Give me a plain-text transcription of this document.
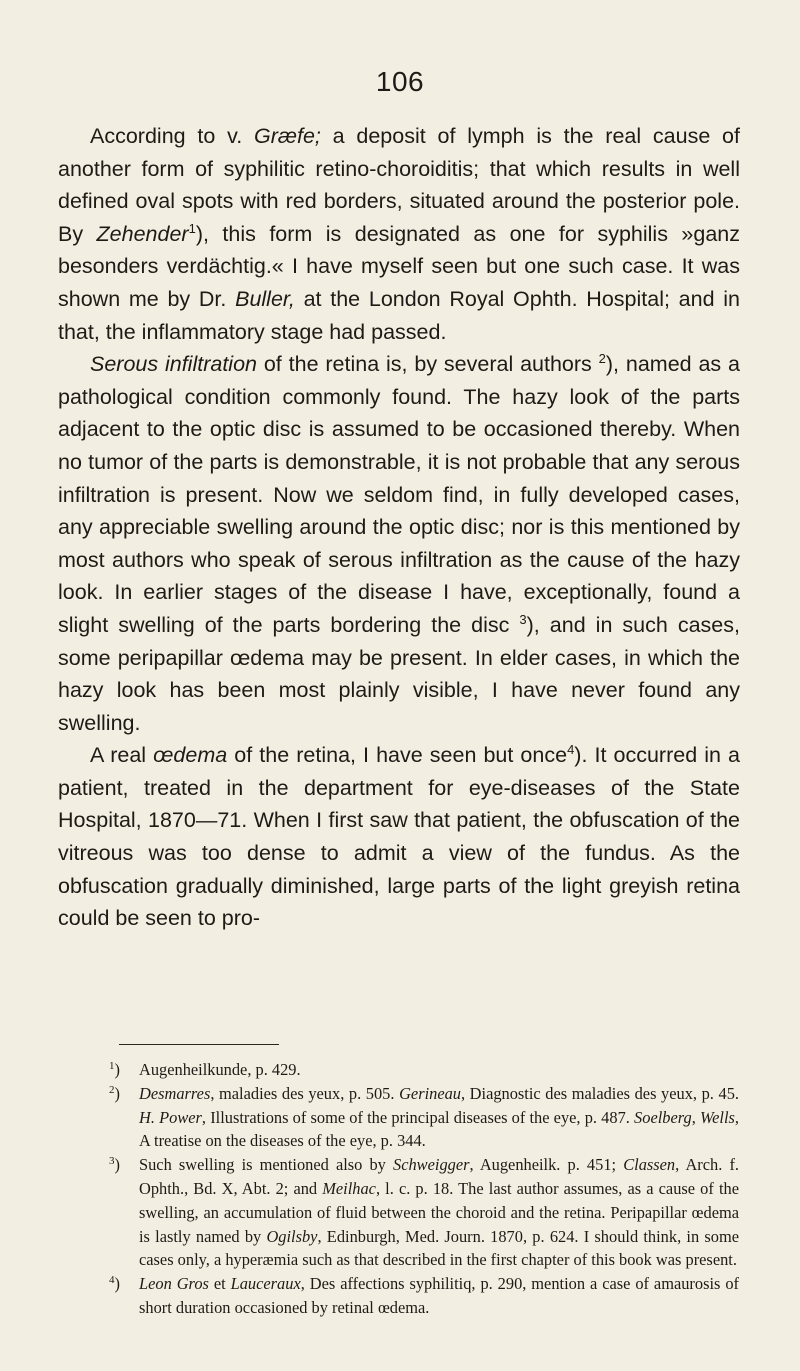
106

According to v. Græfe; a deposit of lymph is the real cause of another form of syphilitic retino-choroiditis; that which results in well defined oval spots with red borders, situated around the posterior pole. By Zehender$^1$), this form is designated as one for syphilis »ganz besonders verdächtig.« I have myself seen but one such case. It was shown me by Dr. Buller, at the London Royal Ophth. Hospital; and in that, the inflammatory stage had passed.

Serous infiltration of the retina is, by several authors $^2$), named as a pathological condition commonly found. The hazy look of the parts adjacent to the optic disc is assumed to be occasioned thereby. When no tumor of the parts is demonstrable, it is not probable that any serous infiltration is present. Now we seldom find, in fully developed cases, any appreciable swelling around the optic disc; nor is this mentioned by most authors who speak of serous infiltration as the cause of the hazy look. In earlier stages of the disease I have, exceptionally, found a slight swelling of the parts bordering the disc $^3$), and in such cases, some peripapillar œdema may be present. In elder cases, in which the hazy look has been most plainly visible, I have never found any swelling.

A real œdema of the retina, I have seen but once$^4$). It occurred in a patient, treated in the department for eye-diseases of the State Hospital, 1870—71. When I first saw that patient, the obfuscation of the vitreous was too dense to admit a view of the fundus. As the obfuscation gradually diminished, large parts of the light greyish retina could be seen to pro-

$^1$)	Augenheilkunde, p. 429.
$^2$)	Desmarres, maladies des yeux, p. 505. Gerineau, Diagnostic des maladies des yeux, p. 45. H. Power, Illustrations of some of the principal diseases of the eye, p. 487. Soelberg, Wells, A treatise on the diseases of the eye, p. 344.
$^3$)	Such swelling is mentioned also by Schweigger, Augenheilk. p. 451; Classen, Arch. f. Ophth., Bd. X, Abt. 2; and Meilhac, l. c. p. 18. The last author assumes, as a cause of the swelling, an accumulation of fluid between the choroid and the retina. Peripapillar œdema is lastly named by Ogilsby, Edinburgh, Med. Journ. 1870, p. 624. I should think, in some cases only, a hyperæmia such as that described in the first chapter of this book was present.
$^4$)	Leon Gros et Lauceraux, Des affections syphilitiq, p. 290, mention a case of amaurosis of short duration occasioned by retinal œdema.
